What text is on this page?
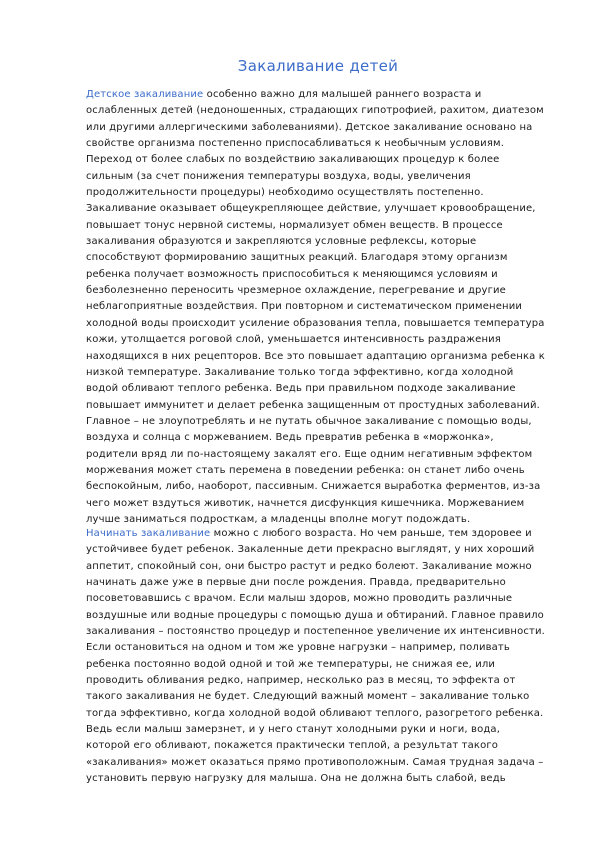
Закаливание детей

Детское закаливание особенно важно для малышей раннего возраста и ослабленных детей (недоношенных, страдающих гипотрофией, рахитом, диатезом или другими аллергическими заболеваниями). Детское закаливание основано на свойстве организма постепенно приспосабливаться к необычным условиям. Переход от более слабых по воздействию закаливающих процедур к более сильным (за счет понижения температуры воздуха, воды, увеличения продолжительности процедуры) необходимо осуществлять постепенно. Закаливание оказывает общеукрепляющее действие, улучшает кровообращение, повышает тонус нервной системы, нормализует обмен веществ. В процессе закаливания образуются и закрепляются условные рефлексы, которые способствуют формированию защитных реакций. Благодаря этому организм ребенка получает возможность приспособиться к меняющимся условиям и безболезненно переносить чрезмерное охлаждение, перегревание и другие неблагоприятные воздействия. При повторном и систематическом применении холодной воды происходит усиление образования тепла, повышается температура кожи, утолщается роговой слой, уменьшается интенсивность раздражения находящихся в них рецепторов. Все это повышает адаптацию организма ребенка к низкой температуре. Закаливание только тогда эффективно, когда холодной водой обливают теплого ребенка. Ведь при правильном подходе закаливание повышает иммунитет и делает ребенка защищенным от простудных заболеваний. Главное – не злоупотреблять и не путать обычное закаливание с помощью воды, воздуха и солнца с моржеванием. Ведь превратив ребенка в «моржонка», родители вряд ли по-настоящему закалят его. Еще одним негативным эффектом моржевания может стать перемена в поведении ребенка: он станет либо очень беспокойным, либо, наоборот, пассивным. Снижается выработка ферментов, из-за чего может вздуться животик, начнется дисфункция кишечника. Моржеванием лучше заниматься подросткам, а младенцы вполне могут подождать.

Начинать закаливание можно с любого возраста. Но чем раньше, тем здоровее и устойчивее будет ребенок. Закаленные дети прекрасно выглядят, у них хороший аппетит, спокойный сон, они быстро растут и редко болеют. Закаливание можно начинать даже уже в первые дни после рождения. Правда, предварительно посоветовавшись с врачом. Если малыш здоров, можно проводить различные воздушные или водные процедуры с помощью душа и обтираний. Главное правило закаливания – постоянство процедур и постепенное увеличение их интенсивности. Если остановиться на одном и том же уровне нагрузки – например, поливать ребенка постоянно водой одной и той же температуры, не снижая ее, или проводить обливания редко, например, несколько раз в месяц, то эффекта от такого закаливания не будет. Следующий важный момент – закаливание только тогда эффективно, когда холодной водой обливают теплого, разогретого ребенка. Ведь если малыш замерзнет, и у него станут холодными руки и ноги, вода, которой его обливают, покажется практически теплой, а результат такого «закаливания» может оказаться прямо противоположным. Самая трудная задача – установить первую нагрузку для малыша. Она не должна быть слабой, ведь
